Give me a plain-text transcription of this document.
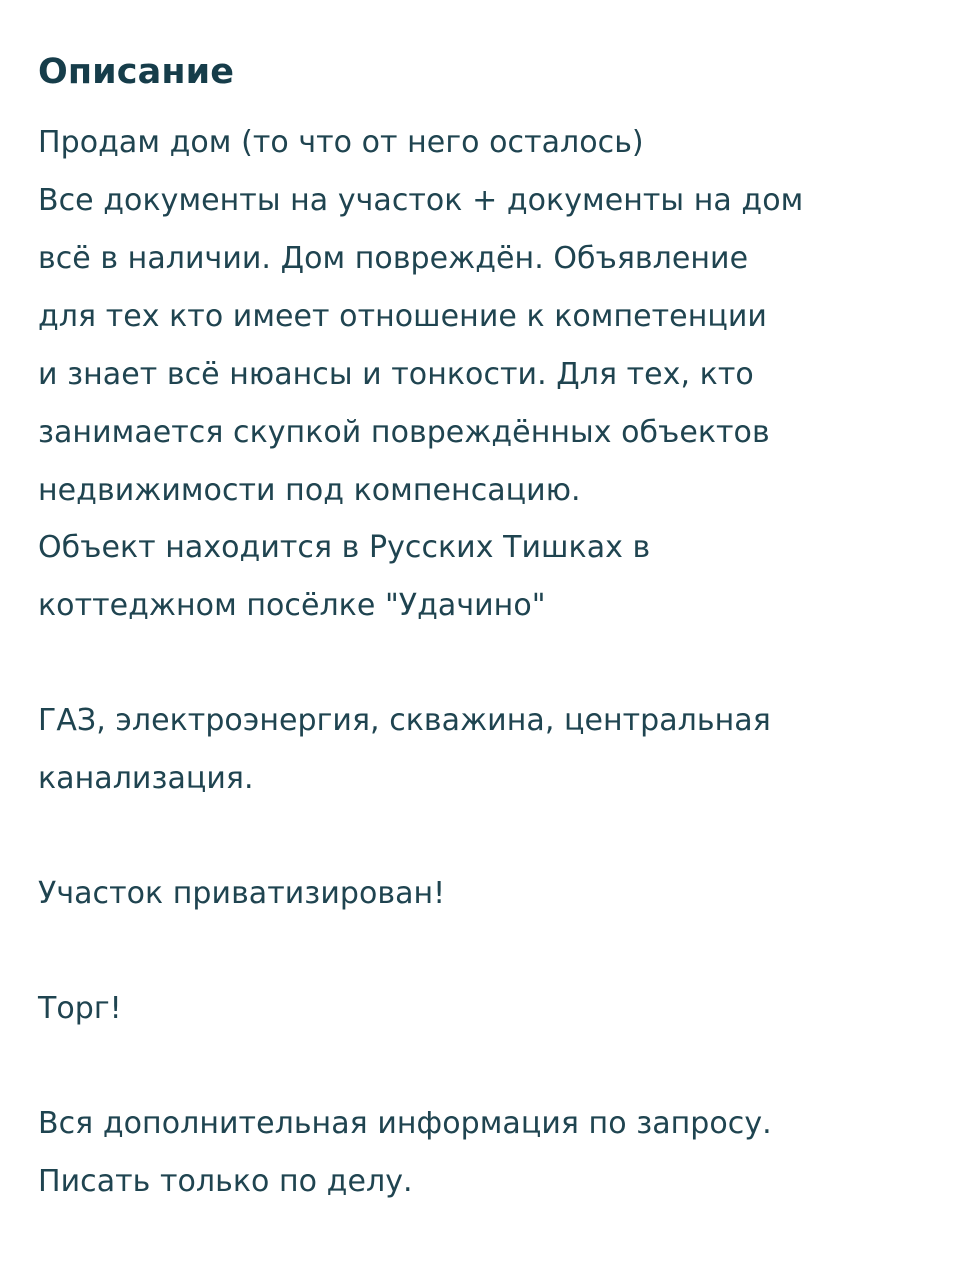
Описание

Продам дом (то что от него осталось)
Все документы на участок + документы на дом
всё в наличии. Дом повреждён. Объявление
для тех кто имеет отношение к компетенции
и знает всё нюансы и тонкости. Для тех, кто
занимается скупкой повреждённых объектов
недвижимости под компенсацию.
Объект находится в Русских Тишках в
коттеджном посёлке "Удачино"

ГАЗ, электроэнергия, скважина, центральная
канализация.

Участок приватизирован!

Торг!

Вся дополнительная информация по запросу.
Писать только по делу.
